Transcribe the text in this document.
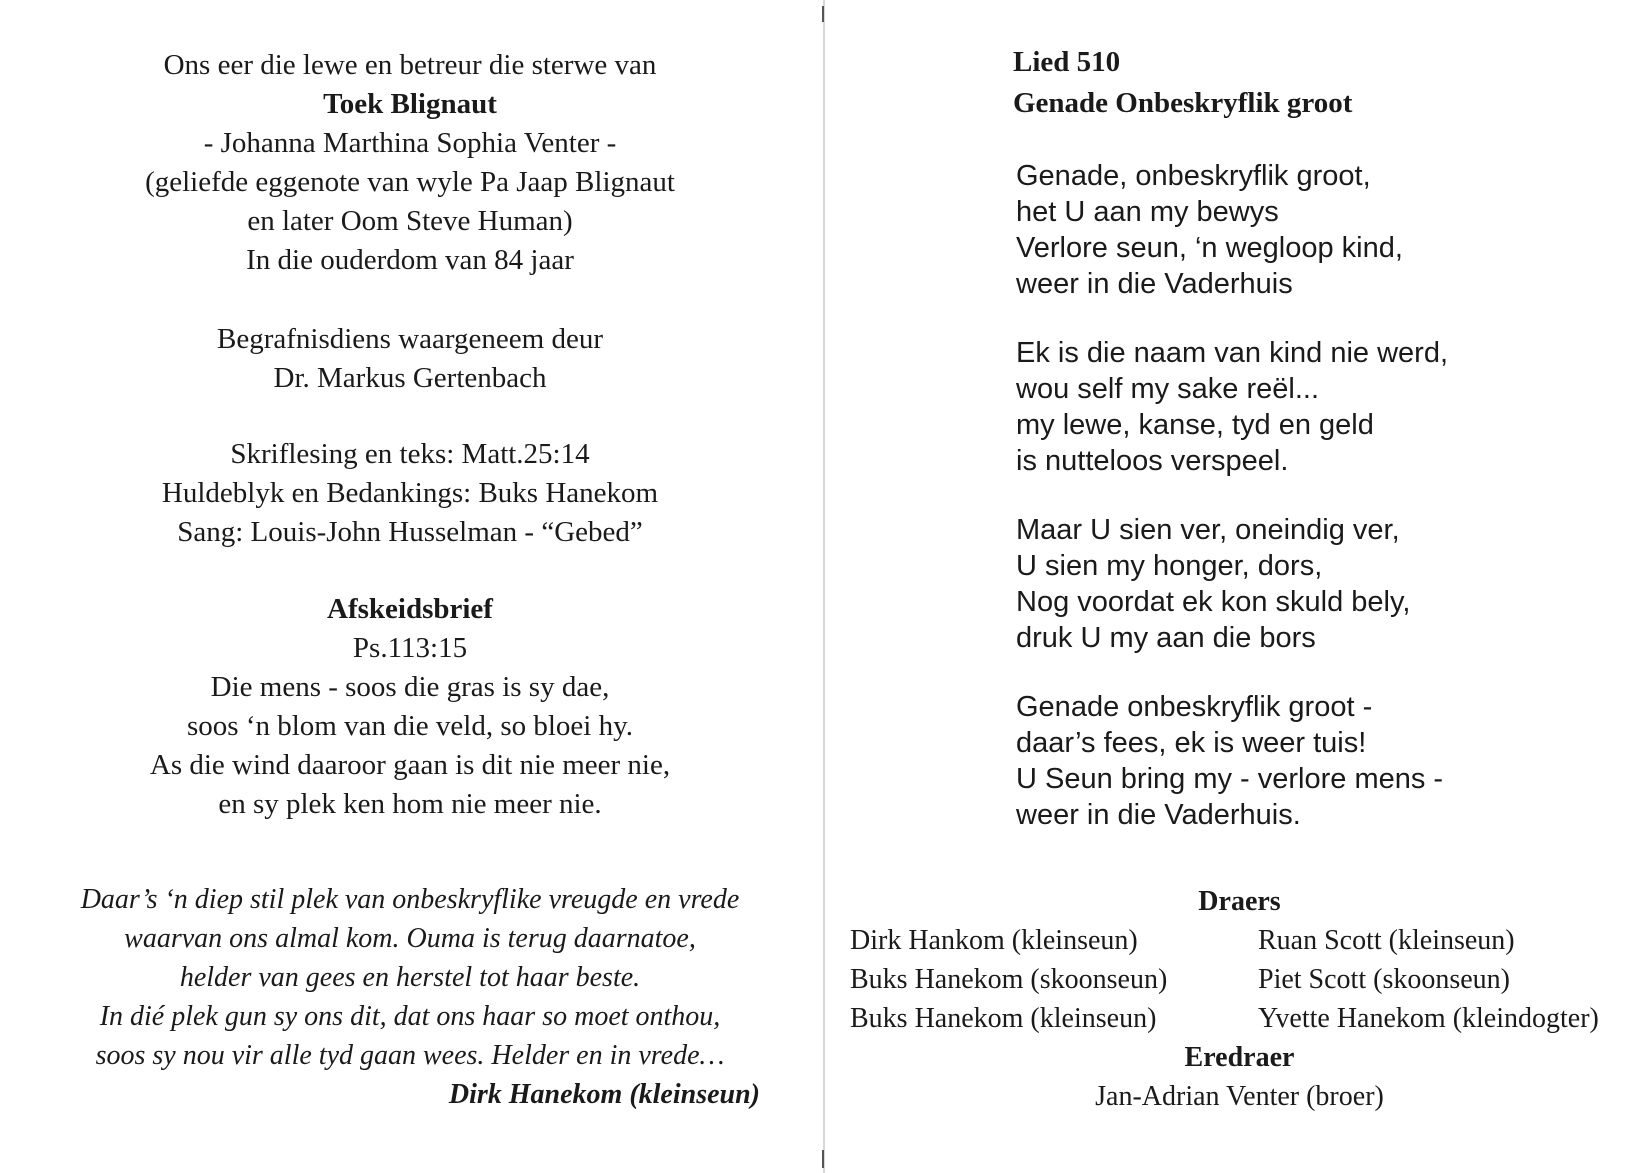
Ons eer die lewe en betreur die sterwe van
Toek Blignaut
- Johanna Marthina Sophia Venter -
(geliefde eggenote van wyle Pa Jaap Blignaut
en later Oom Steve Human)
In die ouderdom van 84 jaar
Begrafnisdiens waargeneem deur
Dr. Markus Gertenbach
Skriflesing en teks: Matt.25:14
Huldeblyk en Bedankings: Buks Hanekom
Sang: Louis-John Husselman - “Gebed”
Afskeidsbrief
Ps.113:15
Die mens - soos die gras is sy dae,
soos ‘n blom van die veld, so bloei hy.
As die wind daaroor gaan is dit nie meer nie,
en sy plek ken hom nie meer nie.
Daar’s ‘n diep stil plek van onbeskryflike vreugde en vrede
waarvan ons almal kom. Ouma is terug daarnatoe,
helder van gees en herstel tot haar beste.
In dié plek gun sy ons dit, dat ons haar so moet onthou,
soos sy nou vir alle tyd gaan wees. Helder en in vrede…
Dirk Hanekom (kleinseun)
Lied 510
Genade Onbeskryflik groot
Genade, onbeskryflik groot,
het U aan my bewys
Verlore seun, ‘n wegloop kind,
weer in die Vaderhuis
Ek is die naam van kind nie werd,
wou self my sake reël...
my lewe, kanse, tyd en geld
is nutteloos verspeel.
Maar U sien ver, oneindig ver,
U sien my honger, dors,
Nog voordat ek kon skuld bely,
druk U my aan die bors
Genade onbeskryflik groot -
daar’s fees, ek is weer tuis!
U Seun bring my - verlore mens -
weer in die Vaderhuis.
Draers
Dirk Hankom (kleinseun)
Buks Hanekom (skoonseun)
Buks Hanekom (kleinseun)
Ruan Scott (kleinseun)
Piet Scott (skoonseun)
Yvette Hanekom (kleindogter)
Eredraer
Jan-Adrian Venter (broer)
